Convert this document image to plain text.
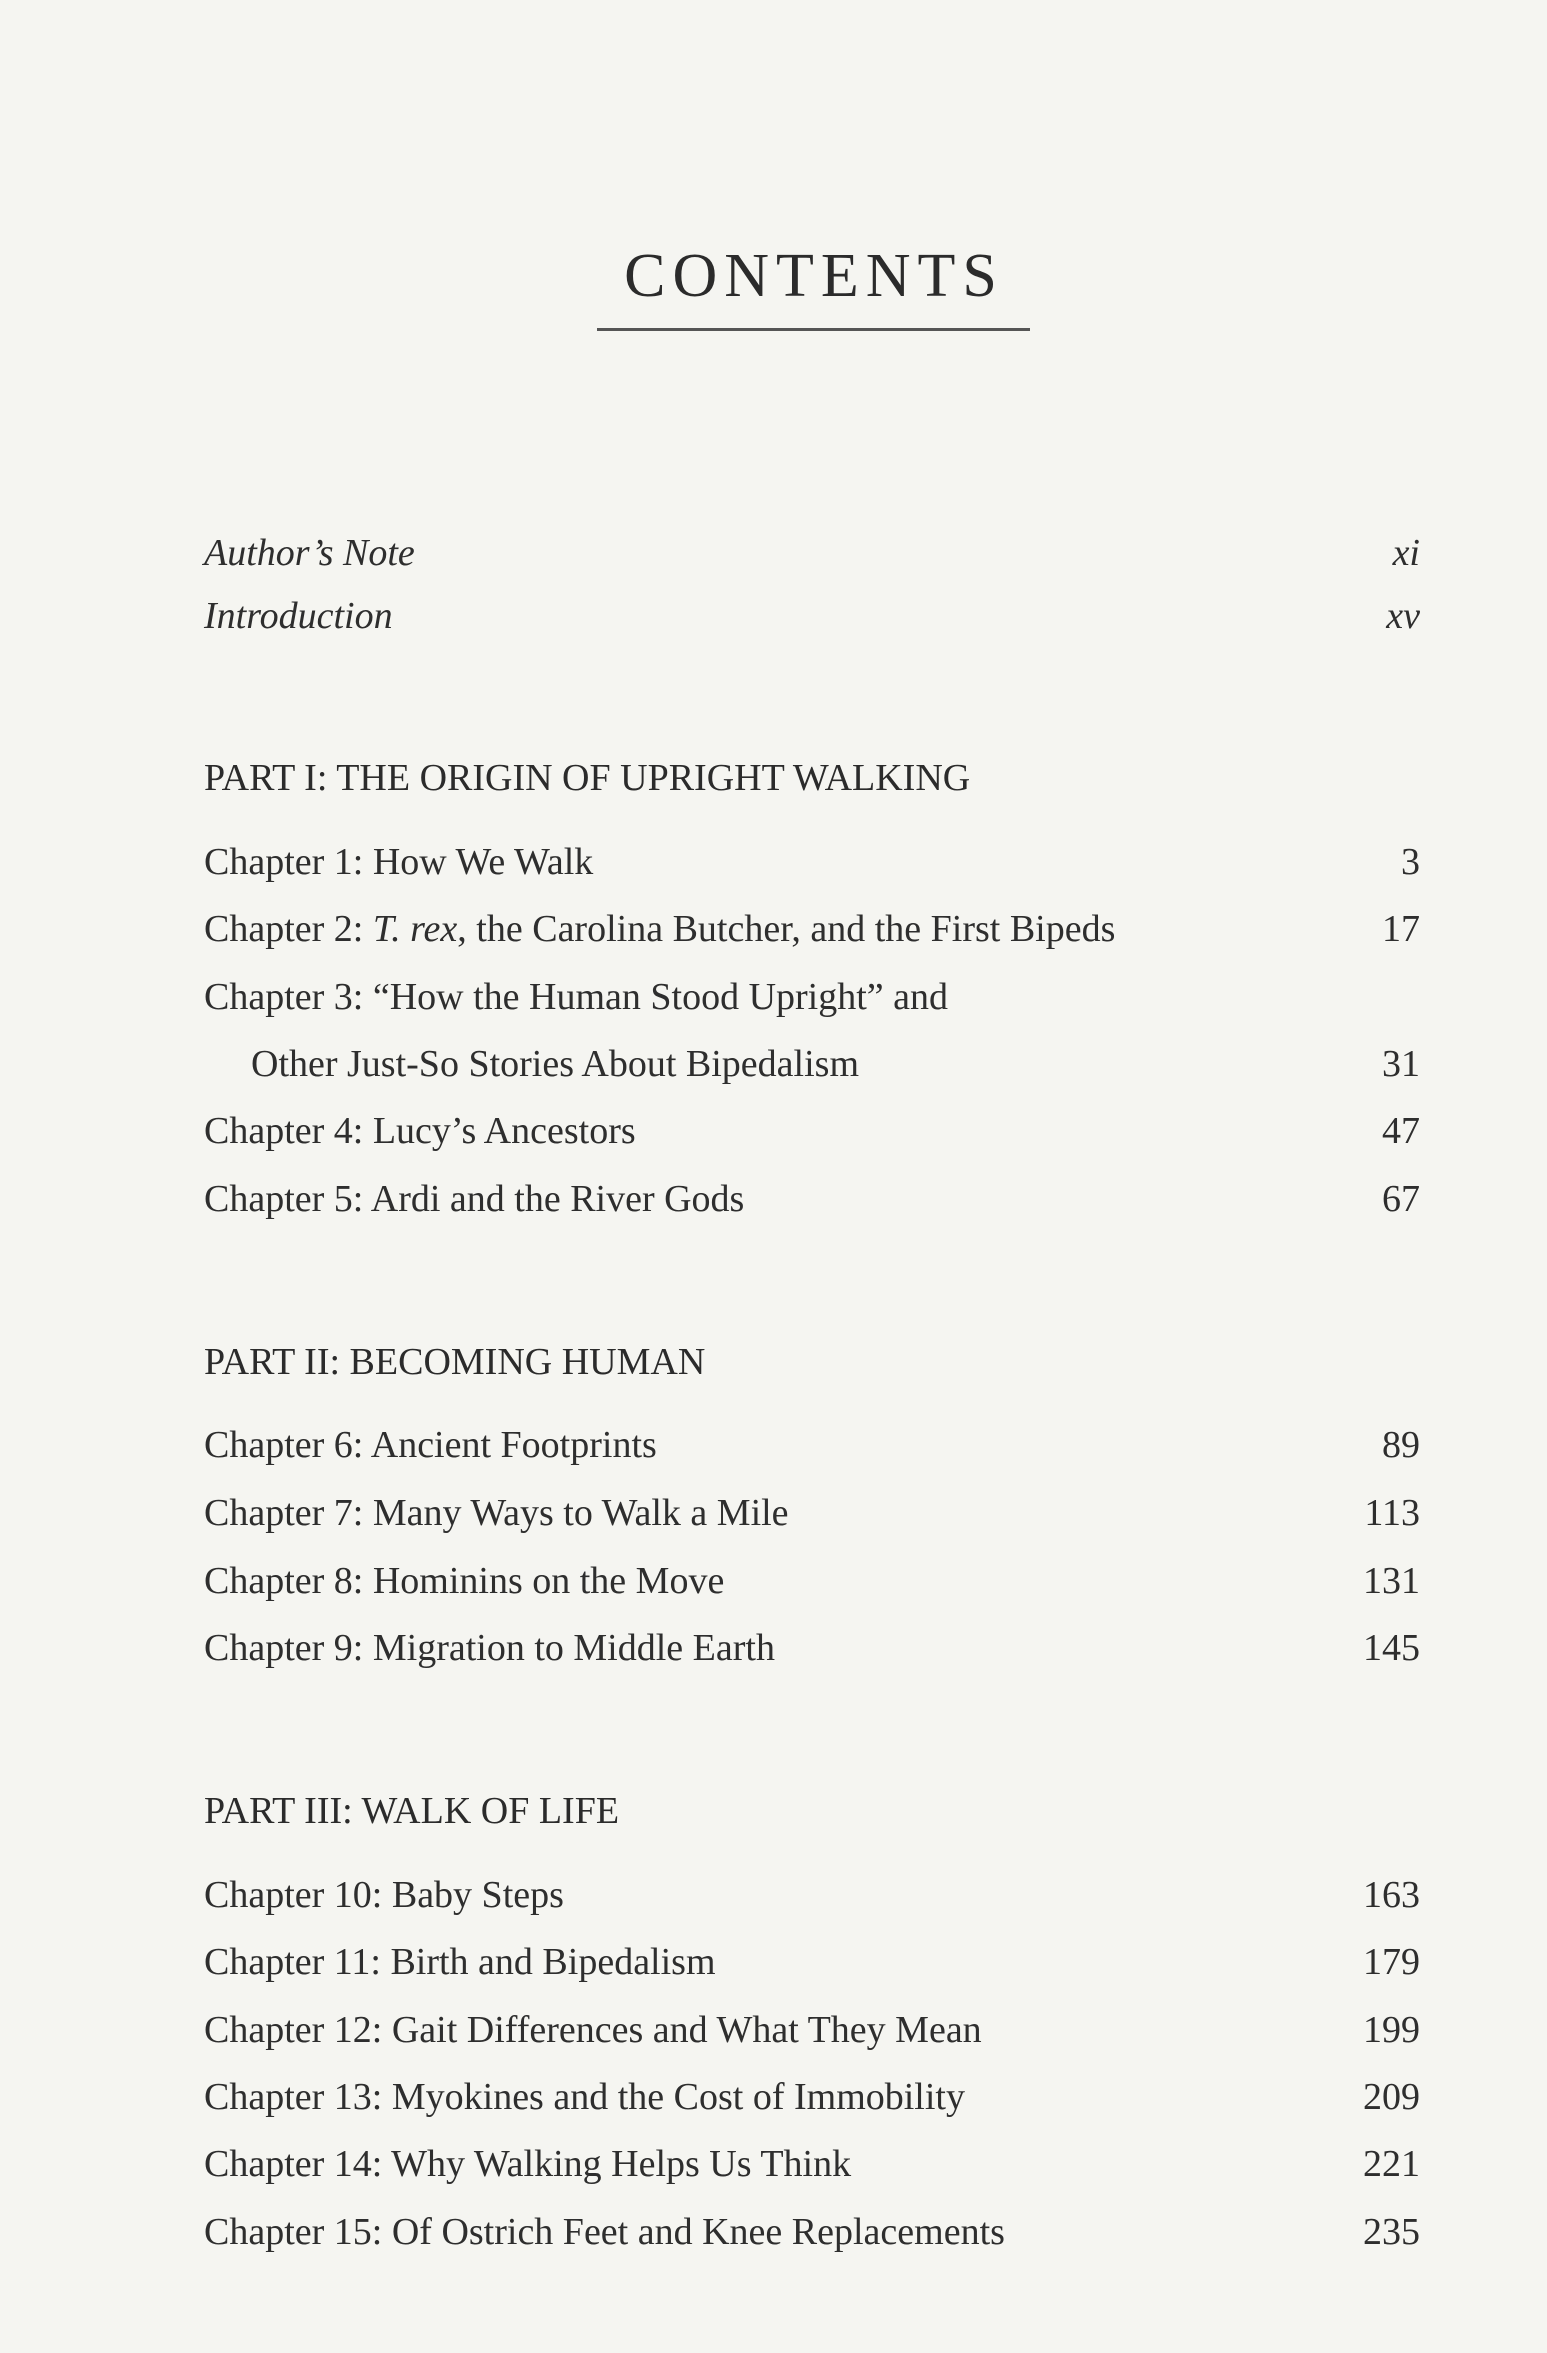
CONTENTS
Author’s Note	xi
Introduction	xv
PART I: THE ORIGIN OF UPRIGHT WALKING
Chapter 1: How We Walk	3
Chapter 2: T. rex, the Carolina Butcher, and the First Bipeds	17
Chapter 3: “How the Human Stood Upright” and
Other Just-So Stories About Bipedalism	31
Chapter 4: Lucy’s Ancestors	47
Chapter 5: Ardi and the River Gods	67
PART II: BECOMING HUMAN
Chapter 6: Ancient Footprints	89
Chapter 7: Many Ways to Walk a Mile	113
Chapter 8: Hominins on the Move	131
Chapter 9: Migration to Middle Earth	145
PART III: WALK OF LIFE
Chapter 10: Baby Steps	163
Chapter 11: Birth and Bipedalism	179
Chapter 12: Gait Differences and What They Mean	199
Chapter 13: Myokines and the Cost of Immobility	209
Chapter 14: Why Walking Helps Us Think	221
Chapter 15: Of Ostrich Feet and Knee Replacements	235
